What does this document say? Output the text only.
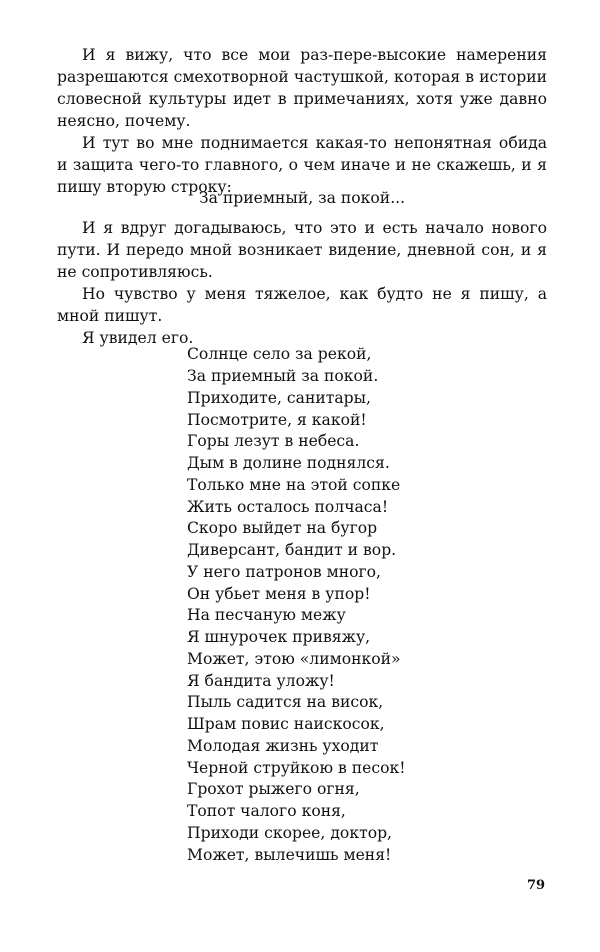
И я вижу, что все мои раз-пере-высокие намерения разрешаются смехотворной частушкой, которая в истории словесной культуры идет в примечаниях, хотя уже давно неясно, почему.

И тут во мне поднимается какая-то непонятная обида и защита чего-то главного, о чем иначе и не скажешь, и я пишу вторую строку:

За приемный, за покой...

И я вдруг догадываюсь, что это и есть начало нового пути. И передо мной возникает видение, дневной сон, и я не сопротивляюсь.

Но чувство у меня тяжелое, как будто не я пишу, а мной пишут.

Я увидел его.

Солнце село за рекой,
За приемный за покой.
Приходите, санитары,
Посмотрите, я какой!
Горы лезут в небеса.
Дым в долине поднялся.
Только мне на этой сопке
Жить осталось полчаса!
Скоро выйдет на бугор
Диверсант, бандит и вор.
У него патронов много,
Он убьет меня в упор!
На песчаную межу
Я шнурочек привяжу,
Может, этою «лимонкой»
Я бандита уложу!
Пыль садится на висок,
Шрам повис наискосок,
Молодая жизнь уходит
Черной струйкою в песок!
Грохот рыжего огня,
Топот чалого коня,
Приходи скорее, доктор,
Может, вылечишь меня!
79
